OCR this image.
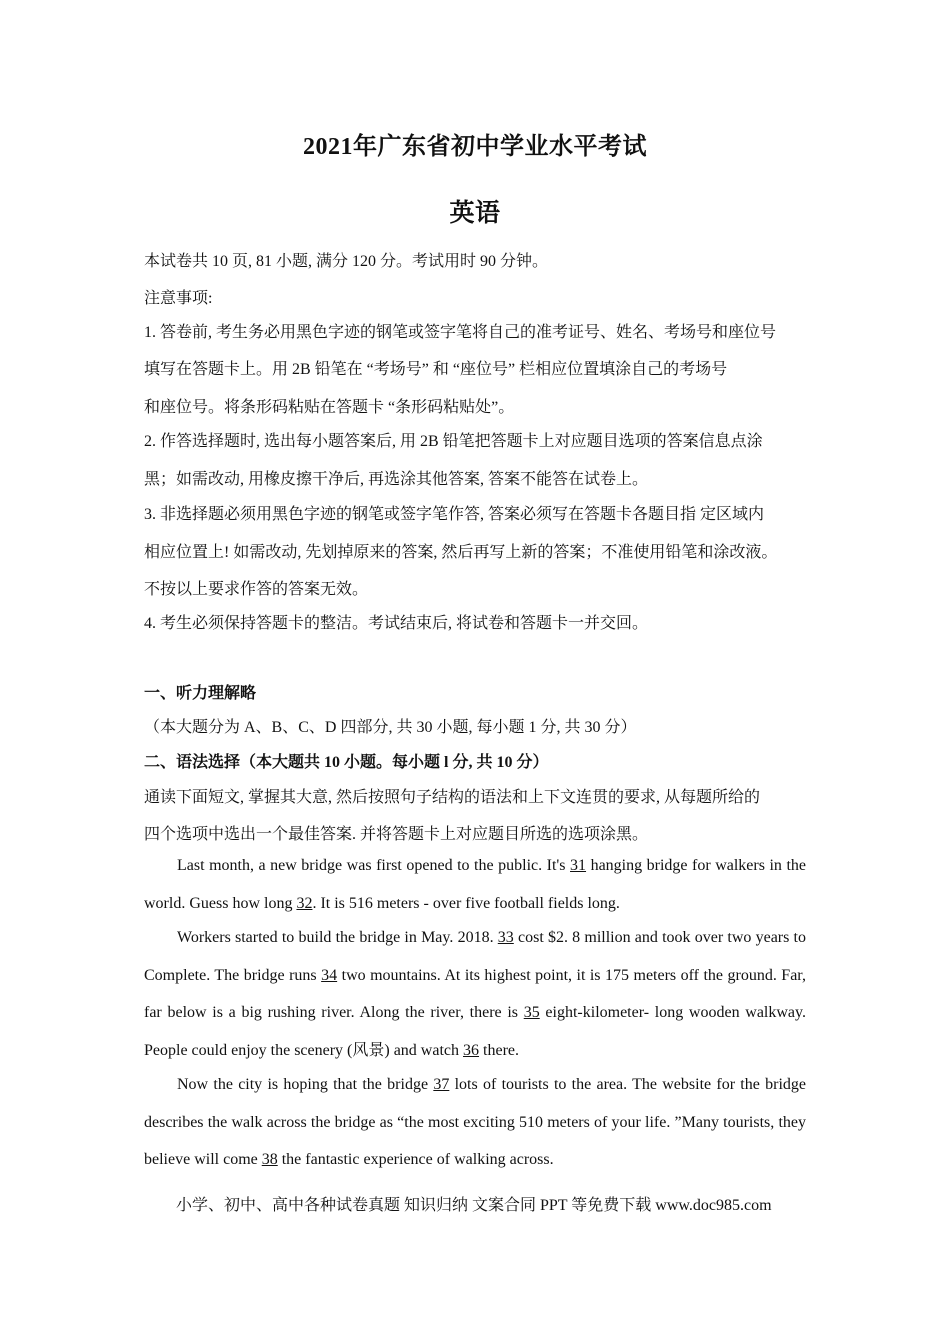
2021年广东省初中学业水平考试
英语
本试卷共 10 页, 81 小题, 满分 120 分。考试用时 90 分钟。
注意事项:
1. 答卷前, 考生务必用黑色字迹的钢笔或签字笔将自己的准考证号、姓名、考场号和座位号
填写在答题卡上。用 2B 铅笔在 “考场号” 和 “座位号” 栏相应位置填涂自己的考场号
和座位号。将条形码粘贴在答题卡 “条形码粘贴处”。
2. 作答选择题时, 选出每小题答案后, 用 2B 铅笔把答题卡上对应题目选项的答案信息点涂
黑；如需改动, 用橡皮擦干净后, 再选涂其他答案, 答案不能答在试卷上。
3. 非选择题必须用黑色字迹的钢笔或签字笔作答, 答案必须写在答题卡各题目指 定区域内
相应位置上! 如需改动, 先划掉原来的答案, 然后再写上新的答案；不准使用铅笔和涂改液。
不按以上要求作答的答案无效。
4. 考生必须保持答题卡的整洁。考试结束后, 将试卷和答题卡一并交回。
一、听力理解略
（本大题分为 A、B、C、D 四部分, 共 30 小题, 每小题 1 分, 共 30 分）
二、语法选择（本大题共 10 小题。每小题 l 分, 共 10 分）
通读下面短文, 掌握其大意, 然后按照句子结构的语法和上下文连贯的要求, 从每题所给的
四个选项中选出一个最佳答案. 并将答题卡上对应题目所选的选项涂黑。
Last month, a new bridge was first opened to the public. It's 31 hanging bridge for walkers in the world. Guess how long 32. It is 516 meters - over five football fields long.
Workers started to build the bridge in May. 2018. 33 cost $2. 8 million and took over two years to Complete. The bridge runs 34 two mountains. At its highest point, it is 175 meters off the ground. Far, far below is a big rushing river. Along the river, there is 35 eight-kilometer- long wooden walkway. People could enjoy the scenery (风景) and watch 36 there.
Now the city is hoping that the bridge 37 lots of tourists to the area. The website for the bridge describes the walk across the bridge as “the most exciting 510 meters of your life. ”Many tourists, they believe will come 38 the fantastic experience of walking across.
小学、初中、高中各种试卷真题 知识归纳 文案合同 PPT 等免费下载 www.doc985.com
